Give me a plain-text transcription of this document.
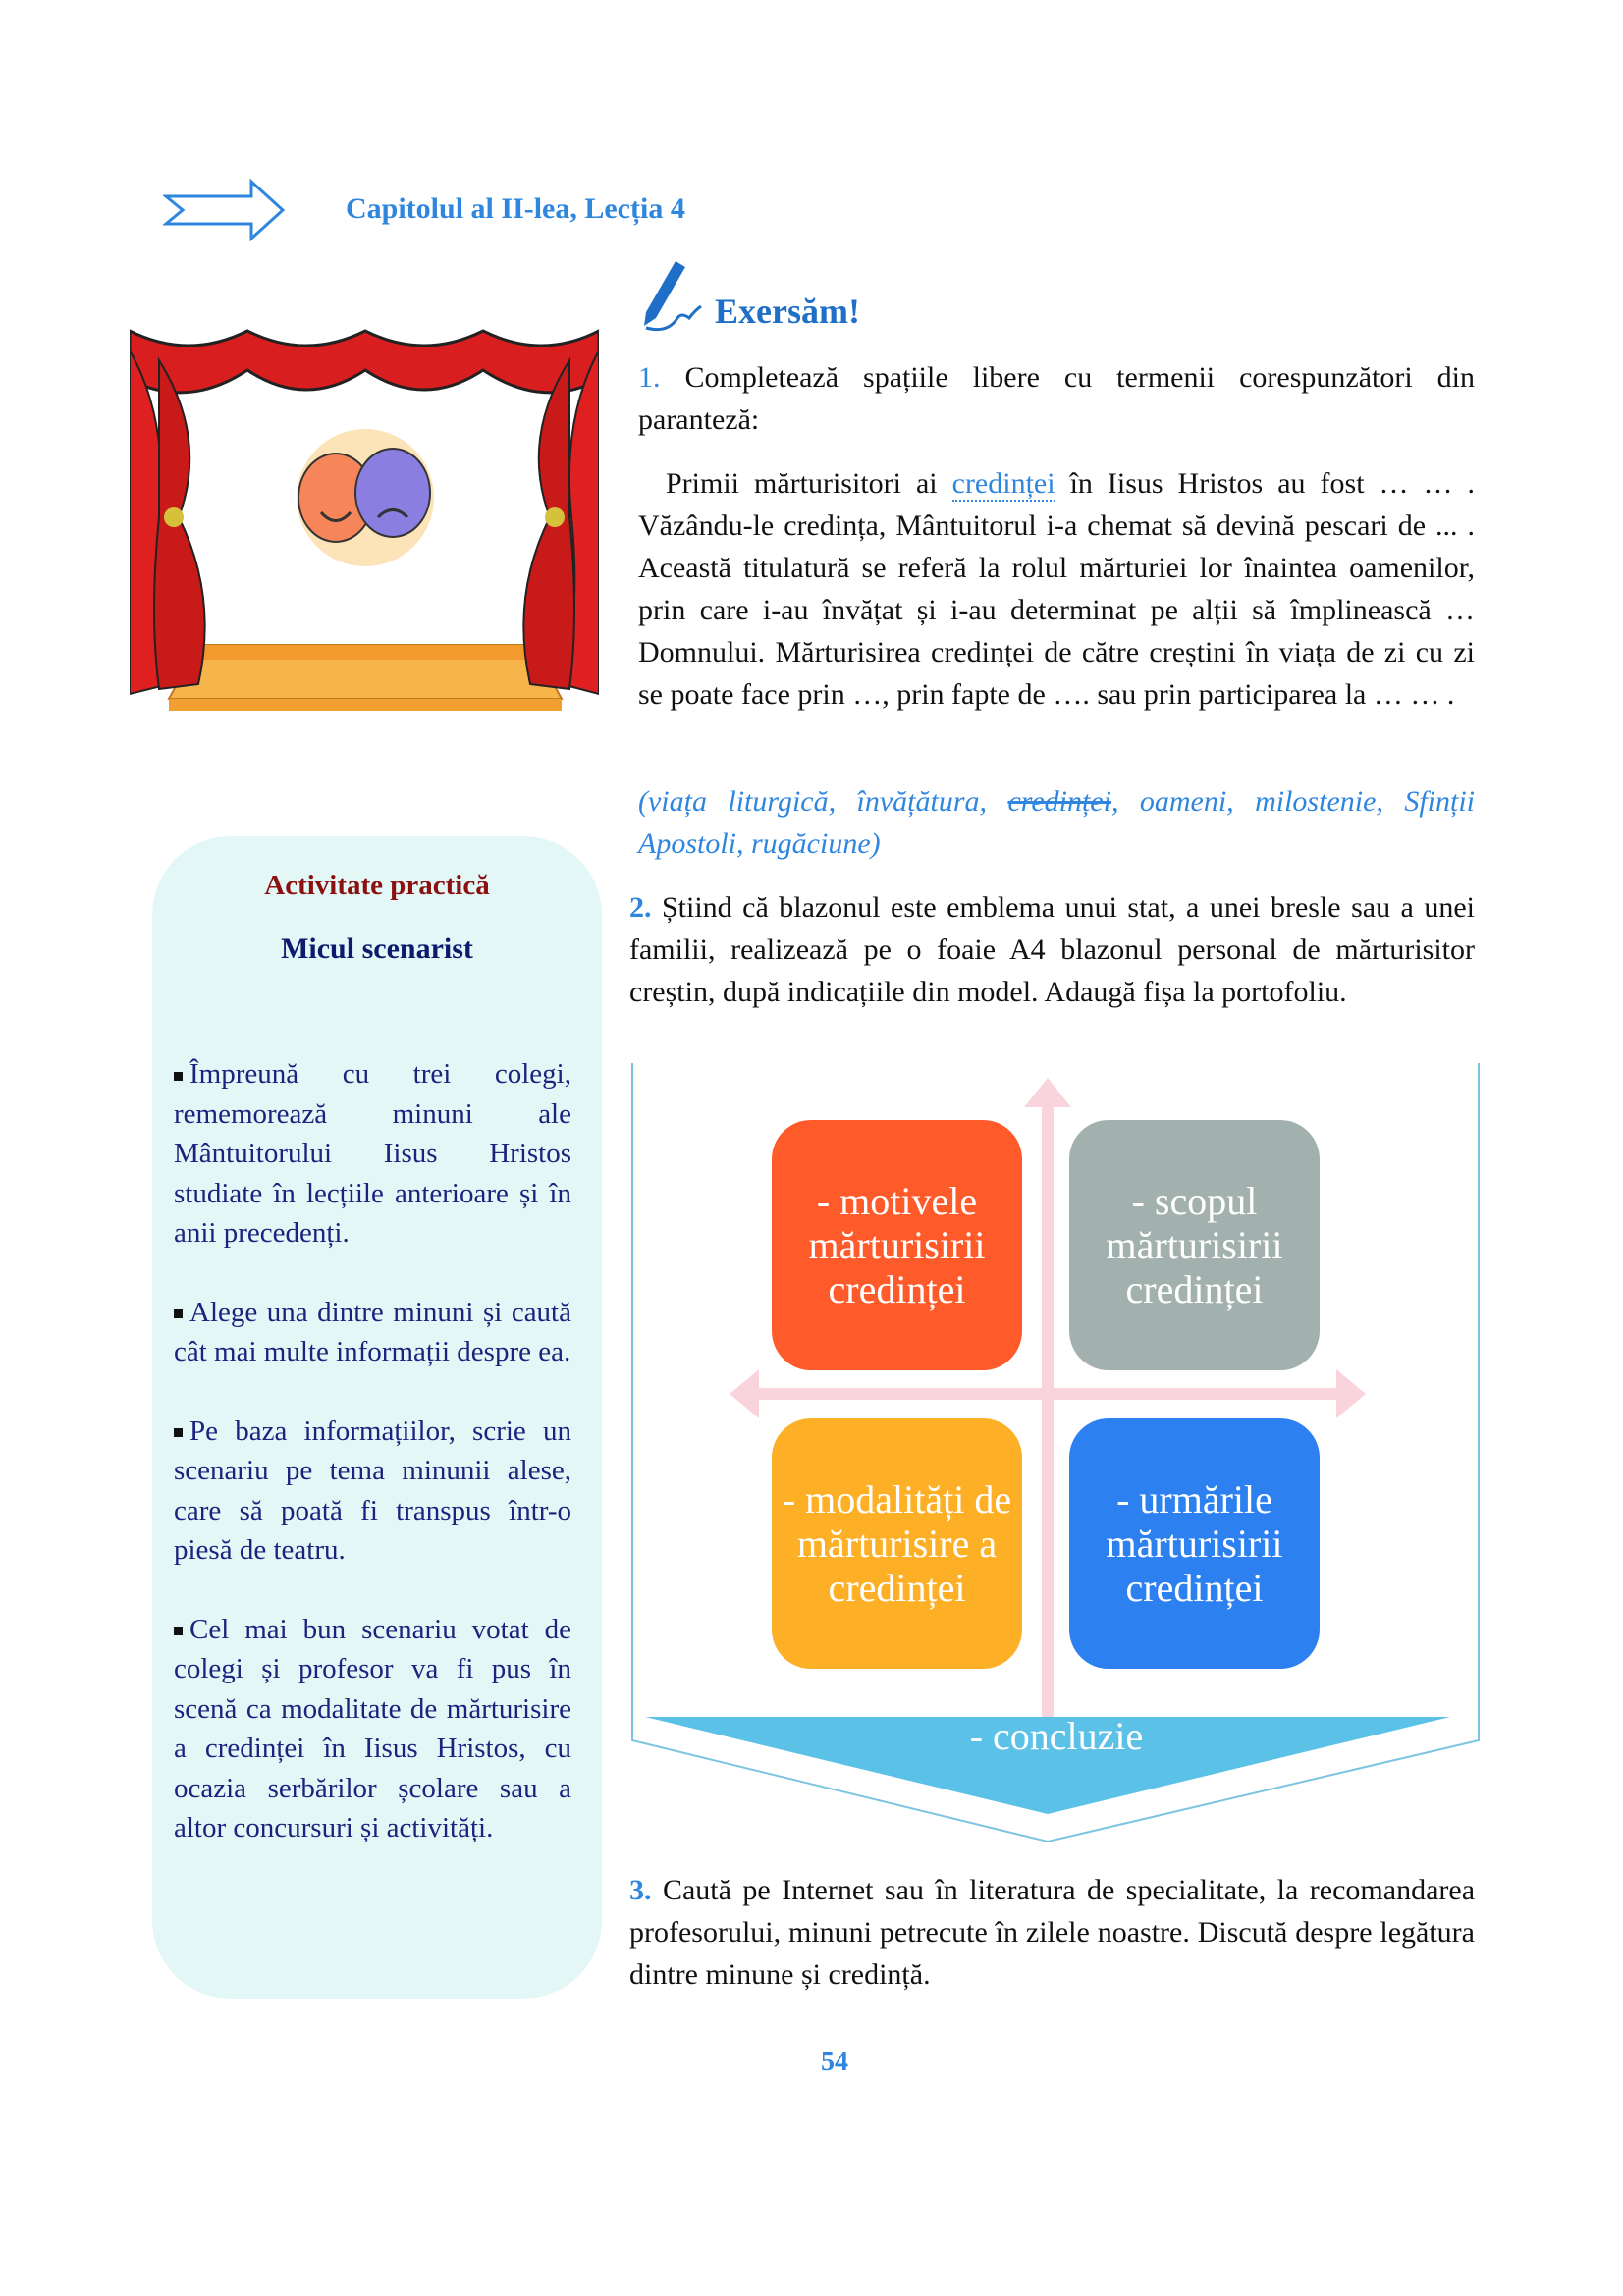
Capitolul al II-lea, Lecția 4
Exersăm!
1. Completează spațiile libere cu termenii corespunzători din paranteză:
Primii mărturisitori ai credinței în Iisus Hristos au fost … … . Văzându-le credința, Mântuitorul i-a chemat să devină pescari de ... . Această titulatură se referă la rolul mărturiei lor înaintea oamenilor, prin care i-au învățat și i-au determinat pe alții să împlinească … Domnului. Mărturisirea credinței de către creștini în viața de zi cu zi se poate face prin …, prin fapte de …. sau prin participarea la … … .
(viața liturgică, învățătura, credinței, oameni, milostenie, Sfinții Apostoli, rugăciune)
2. Știind că blazonul este emblema unui stat, a unei bresle sau a unei familii, realizează pe o foaie A4 blazonul personal de mărturisitor creștin, după indicațiile din model. Adaugă fișa la portofoliu.
- motivele mărturisirii credinței
- scopul mărturisirii credinței
- modalități de mărturisire a credinței
- urmările mărturisirii credinței
- concluzie
3. Caută pe Internet sau în literatura de specialitate, la recomandarea profesorului, minuni petrecute în zilele noastre. Discută despre legătura dintre minune și credință.
Activitate practică
Micul scenarist

Împreună cu trei colegi, rememorează minuni ale Mântuitorului Iisus Hristos studiate în lecțiile anterioare și în anii precedenți.

Alege una dintre minuni și caută cât mai multe informații despre ea.

Pe baza informațiilor, scrie un scenariu pe tema minunii alese, care să poată fi transpus într-o piesă de teatru.

Cel mai bun scenariu votat de colegi și profesor va fi pus în scenă ca modalitate de mărturisire a credinței în Iisus Hristos, cu ocazia serbărilor școlare sau a altor concursuri și activități.

54
